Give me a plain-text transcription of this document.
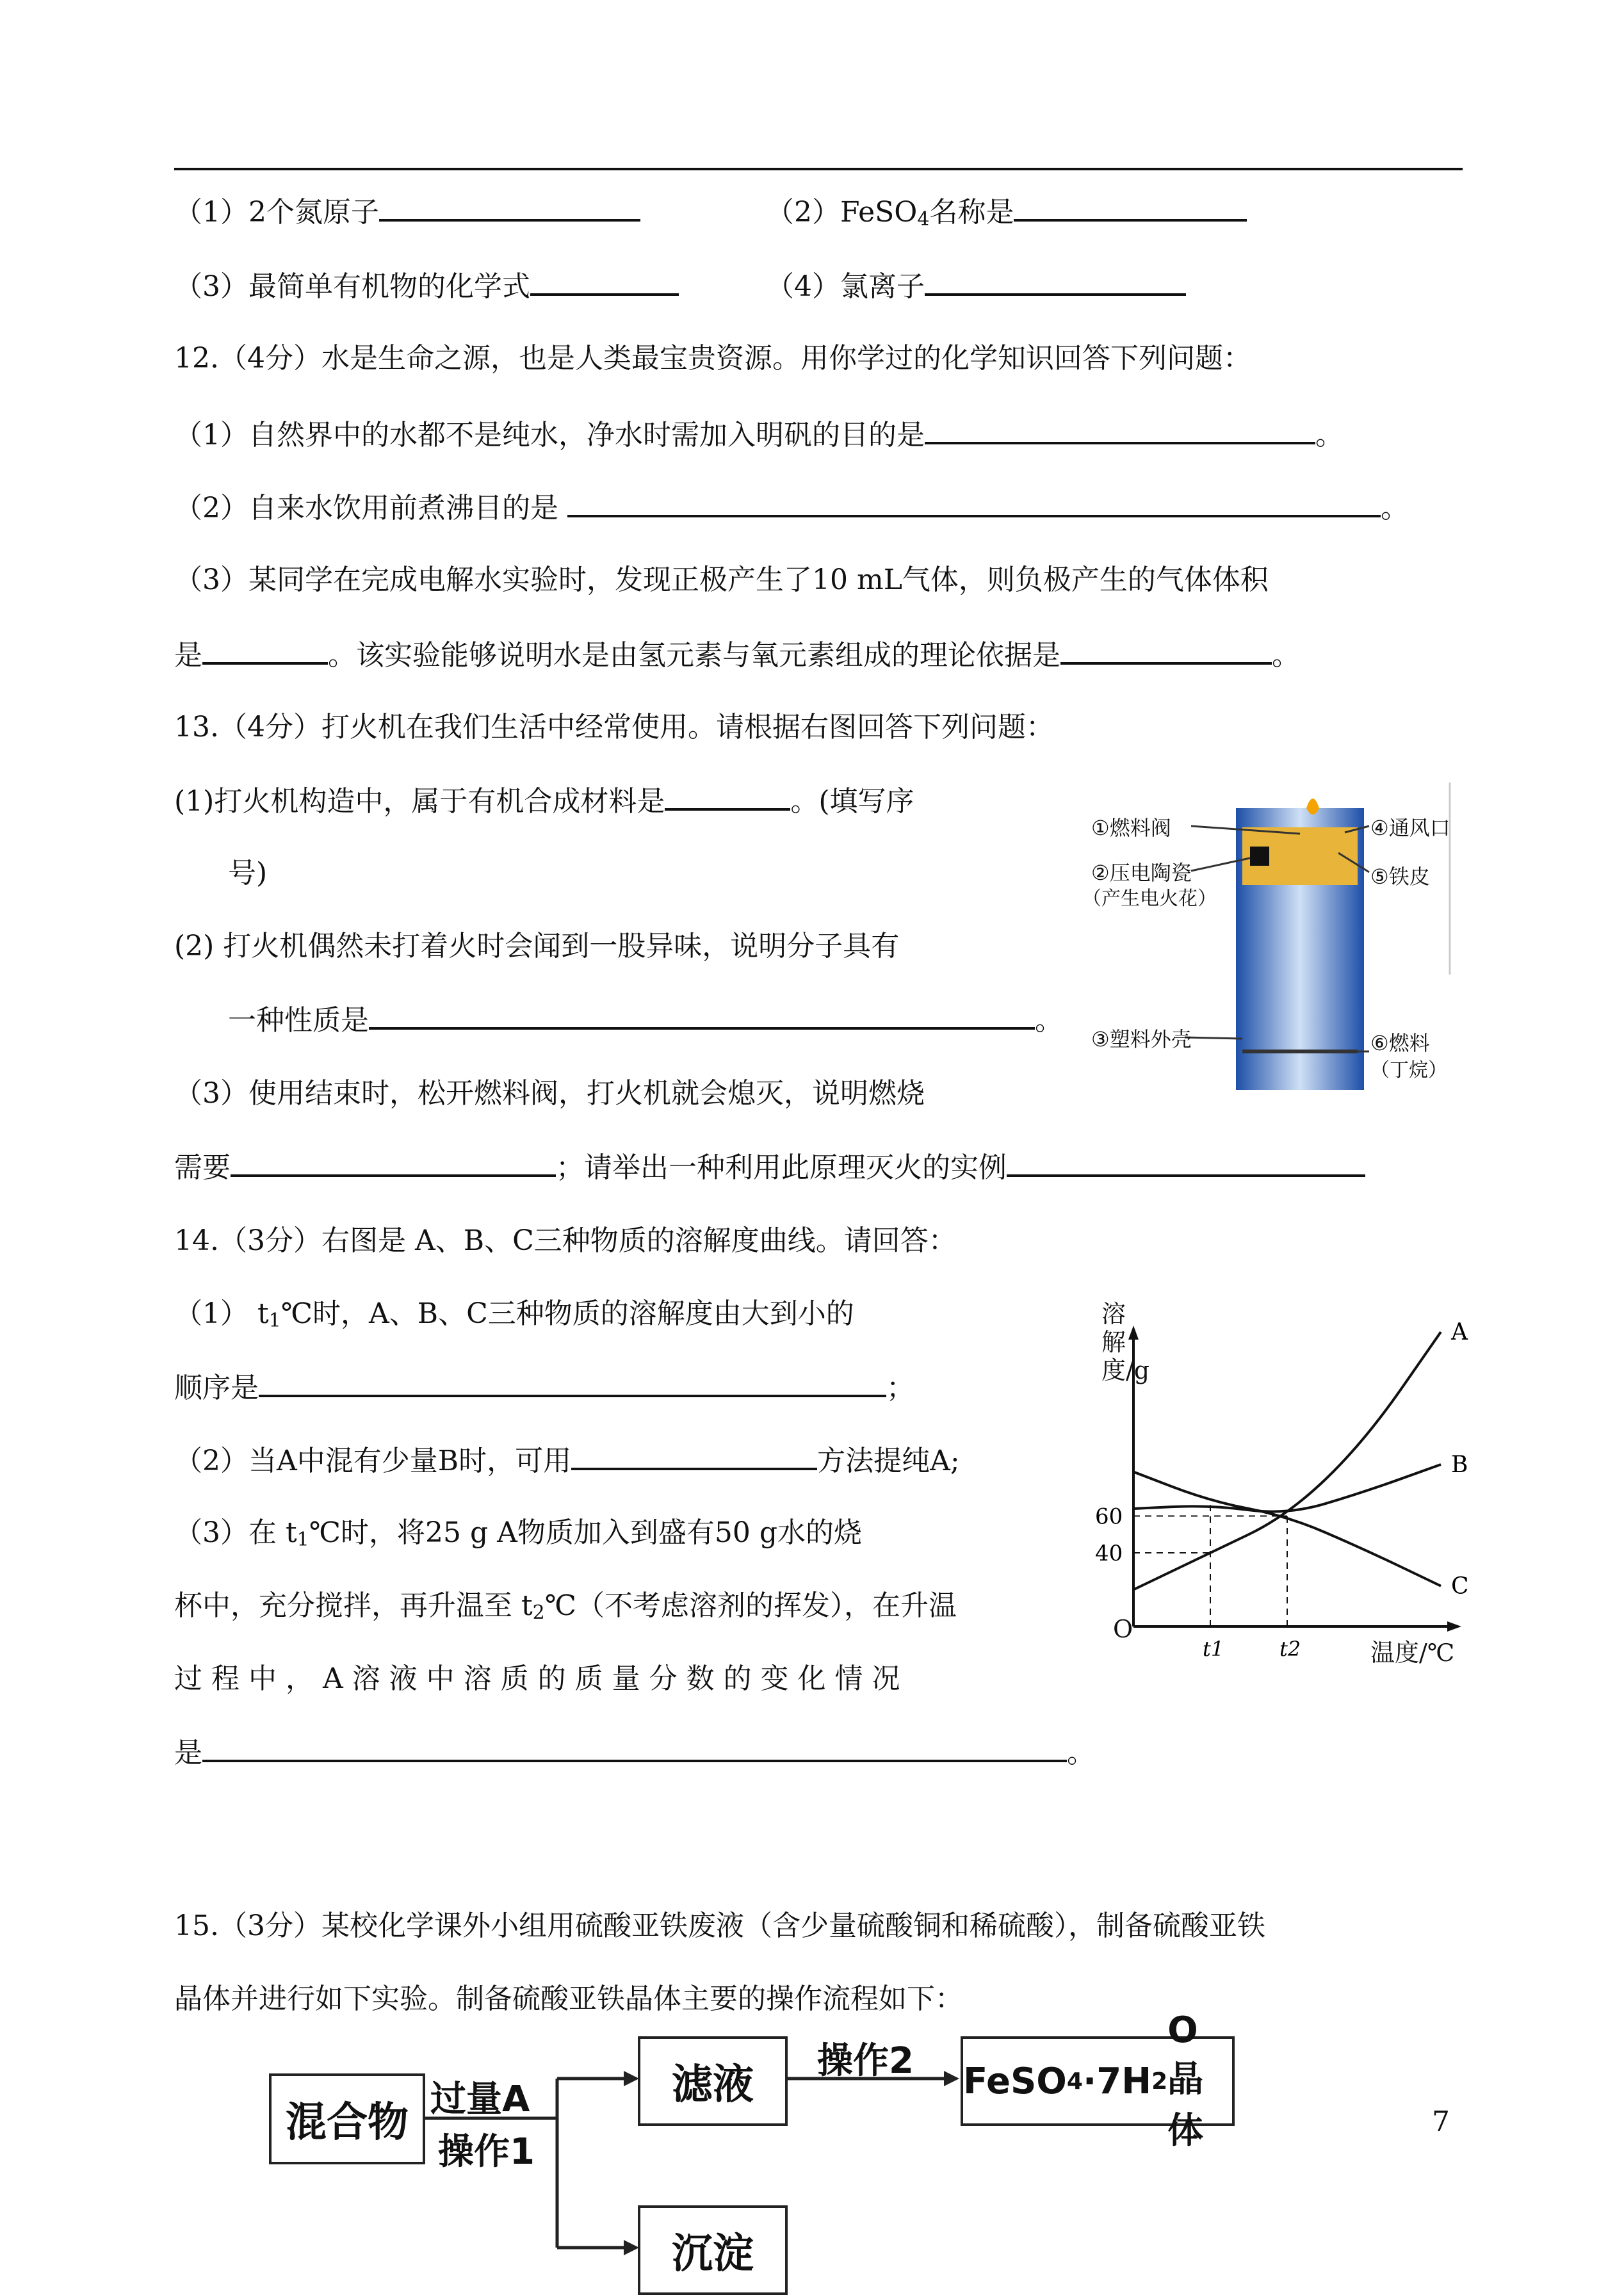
（1）2个氮原子	（2）FeSO$_4$名称是
（3）最简单有机物的化学式	（4）氯离子
12.（4分）水是生命之源，也是人类最宝贵资源。用你学过的化学知识回答下列问题：
（1）自然界中的水都不是纯水，净水时需加入明矾的目的是	。
（2）自来水饮用前煮沸目的是	。
（3）某同学在完成电解水实验时，发现正极产生了10 mL气体，则负极产生的气体体积
是	。该实验能够说明水是由氢元素与氧元素组成的理论依据是	。
13.（4分）打火机在我们生活中经常使用。请根据右图回答下列问题：
(1)打火机构造中，属于有机合成材料是	。(填写序
号)
(2) 打火机偶然未打着火时会闻到一股异味，说明分子具有
一种性质是	。
（3）使用结束时，松开燃料阀，打火机就会熄灭，说明燃烧
需要	；请举出一种利用此原理灭火的实例
①燃料阀
②压电陶瓷
（产生电火花）
③塑料外壳
④通风口
⑤铁皮
⑥燃料
（丁烷）
14.（3分）右图是 A、B、C三种物质的溶解度曲线。请回答：
（1） $t_1℃$时，A、B、C三种物质的溶解度由大到小的
顺序是	；
（2）当A中混有少量B时，可用	方法提纯A;
（3）在 $t_1℃$时，将25 g A物质加入到盛有50 g水的烧
杯中，充分搅拌，再升温至 $t_2℃$（不考虑溶剂的挥发），在升温
过 程 中 ， A 溶 液 中 溶 质 的 质 量 分 数 的 变 化 情 况
是	。
A
B
C
40
60
t1	t2
溶解度/g
温度/℃
O
15.（3分）某校化学课外小组用硫酸亚铁废液（含少量硫酸铜和稀硫酸），制备硫酸亚铁
晶体并进行如下实验。制备硫酸亚铁晶体主要的操作流程如下：
混合物
滤液
沉淀
FeSO 4 ·7H 2
O晶体
过量A
操作1
操作2
7
